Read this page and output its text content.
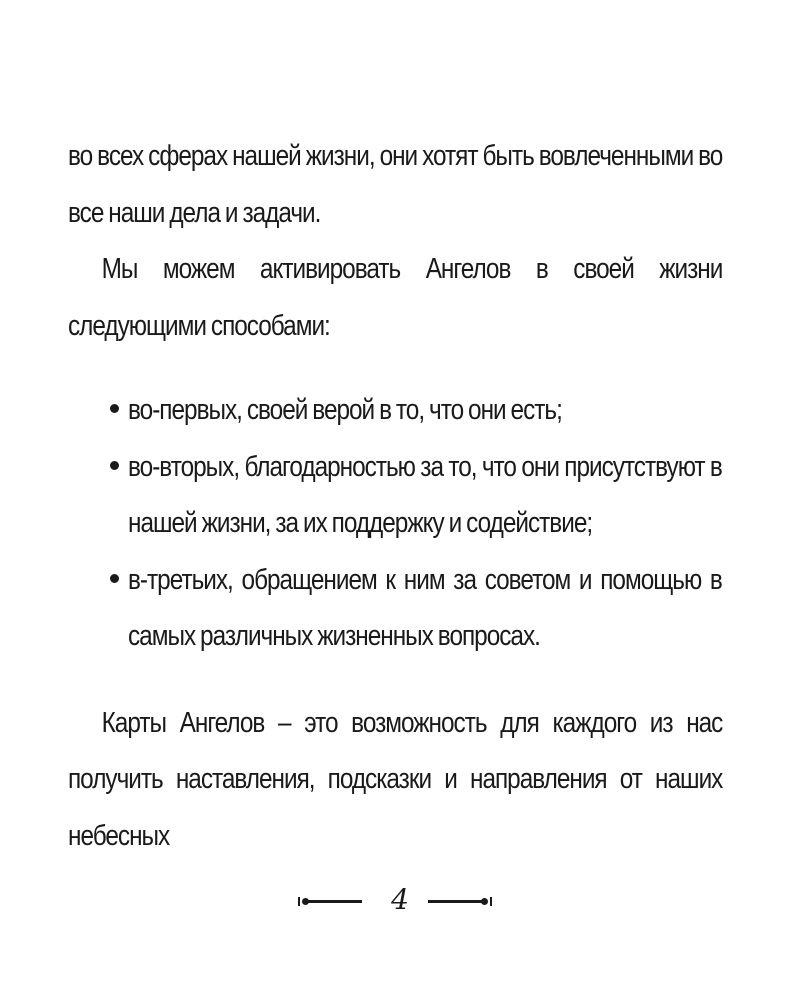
во всех сферах нашей жизни, они хотят быть вовлеченными во все наши дела и задачи.

Мы можем активировать Ангелов в своей жизни следующими способами:

во-первых, своей верой в то, что они есть;

во-вторых, благодарностью за то, что они присутствуют в нашей жизни, за их поддержку и содействие;

в-третьих, обращением к ним за советом и помощью в самых различных жизненных вопросах.

Карты Ангелов – это возможность для каждого из нас получить наставления, подсказки и направления от наших небесных

4
